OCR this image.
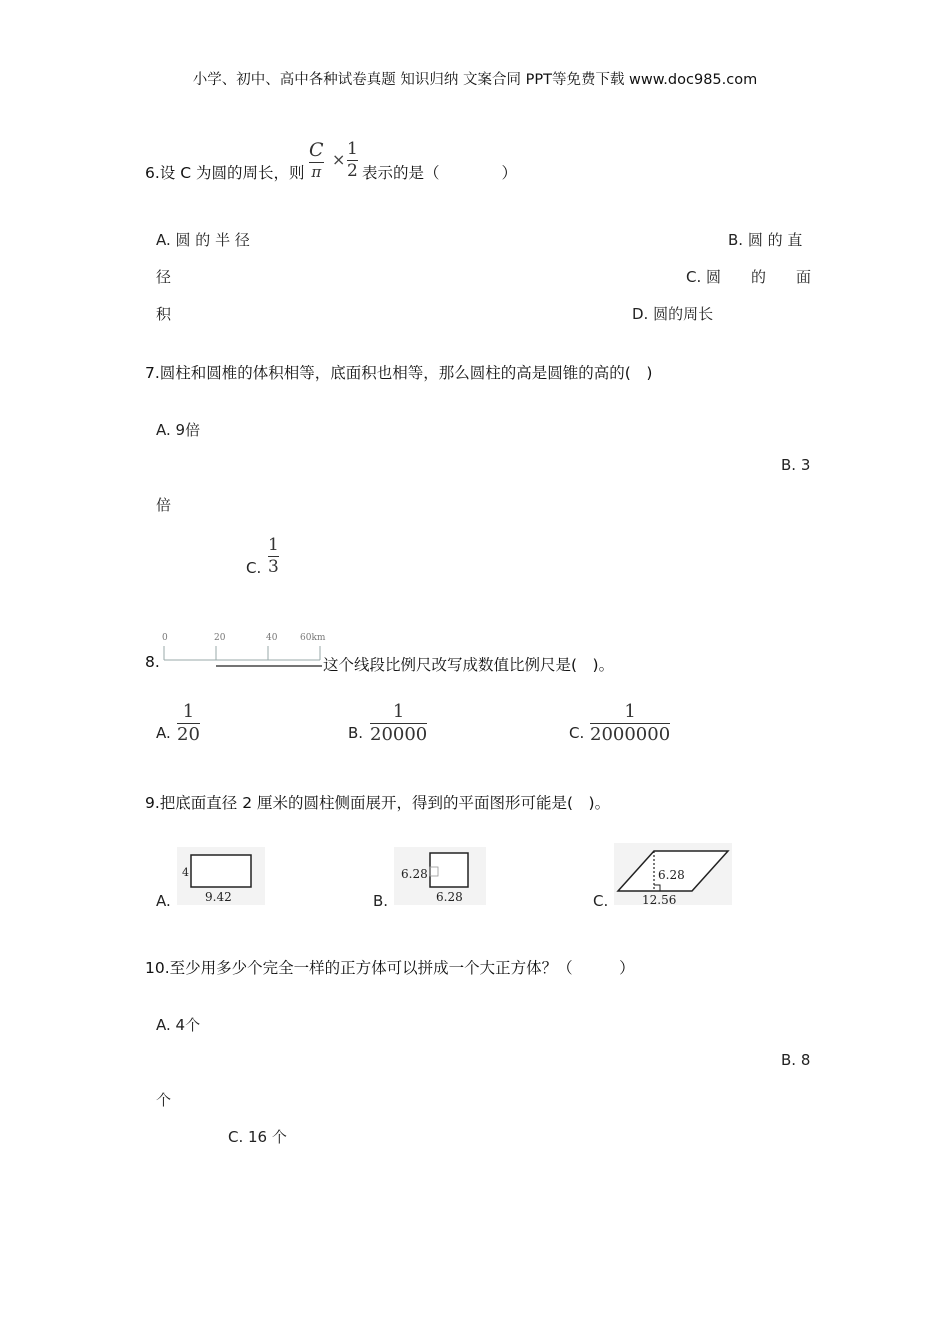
小学、初中、高中各种试卷真题 知识归纳 文案合同 PPT等免费下载 www.doc985.com
6.设 C 为圆的周长，则
C
π
×
1
2 表示的是（　　　　）
A. 圆 的 半 径	B. 圆 的 直
径	C. 圆　　的　　面
积	D. 圆的周长
7.圆柱和圆椎的体积相等，底面积也相等，那么圆柱的高是圆锥的高的(　)
A. 9倍
B. 3
倍
C.
1
3
8.
0	20	40	60km
这个线段比例尺改写成数值比例尺是(　)。
A.
1
20	B.
1
20000	C.
1
2000000
9.把底面直径 2 厘米的圆柱侧面展开，得到的平面图形可能是(　)。
A.
4
9.42	B.
6.28
6.28	C.
6.28
12.56
10.至少用多少个完全一样的正方体可以拼成一个大正方体？（　　　）
A. 4个
B. 8
个
C. 16 个
